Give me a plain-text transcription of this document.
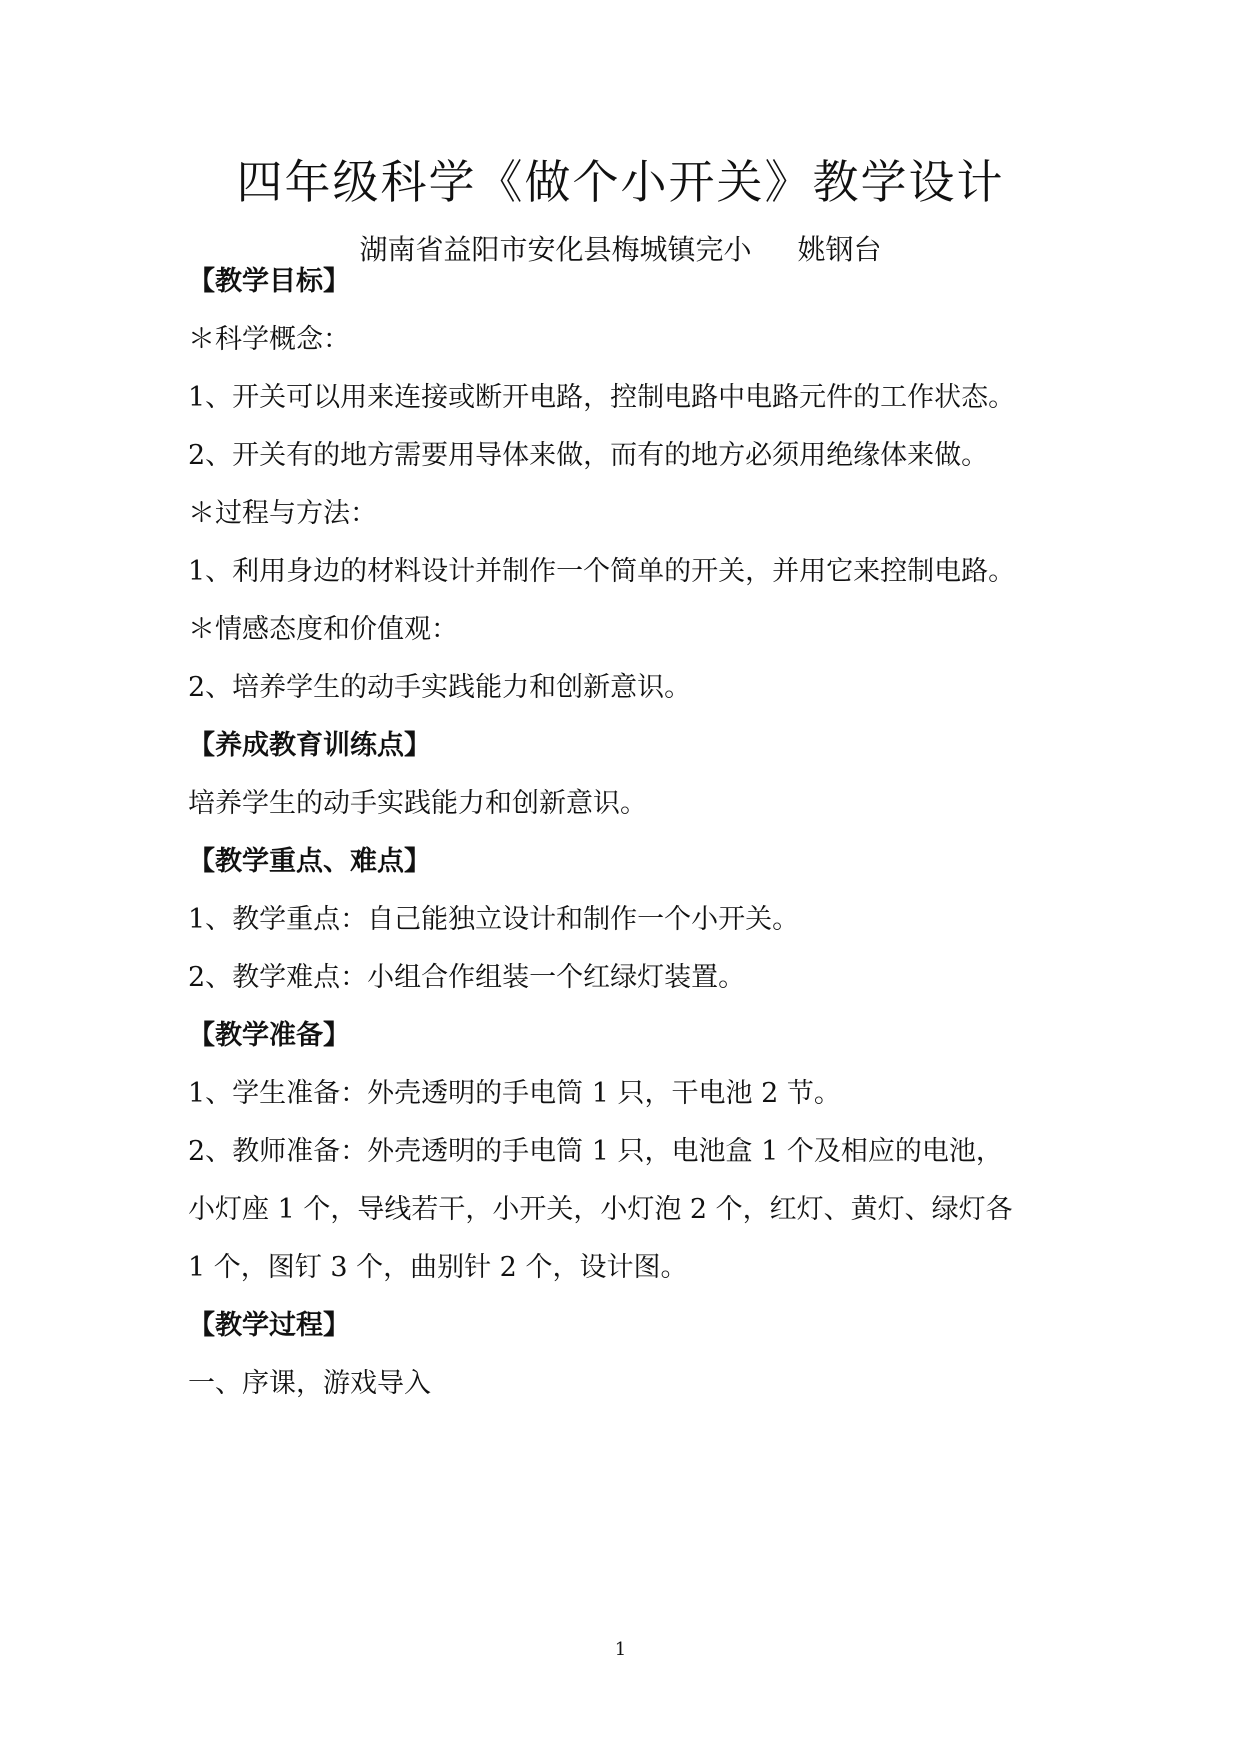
四年级科学《做个小开关》教学设计
湖南省益阳市安化县梅城镇完小 姚钢台
【教学目标】
＊科学概念：
1、开关可以用来连接或断开电路，控制电路中电路元件的工作状态。
2、开关有的地方需要用导体来做，而有的地方必须用绝缘体来做。
＊过程与方法：
1、利用身边的材料设计并制作一个简单的开关，并用它来控制电路。
＊情感态度和价值观：
2、培养学生的动手实践能力和创新意识。
【养成教育训练点】
培养学生的动手实践能力和创新意识。
【教学重点、难点】
1、教学重点：自己能独立设计和制作一个小开关。
2、教学难点：小组合作组装一个红绿灯装置。
【教学准备】
1、学生准备：外壳透明的手电筒 1 只，干电池 2 节。
2、教师准备：外壳透明的手电筒 1 只，电池盒 1 个及相应的电池，
小灯座 1 个，导线若干，小开关，小灯泡 2 个，红灯、黄灯、绿灯各
1 个，图钉 3 个，曲别针 2 个，设计图。
【教学过程】
一、序课，游戏导入
1
